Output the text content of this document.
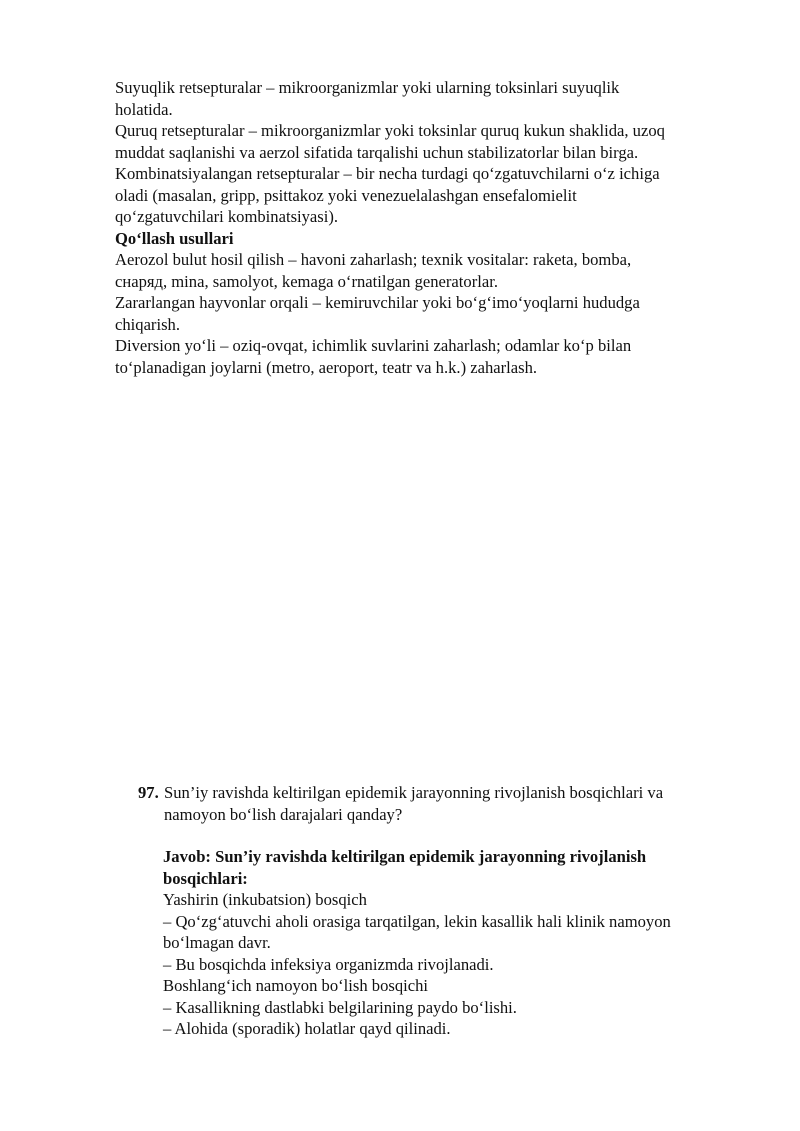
Suyuqlik retsepturalar – mikroorganizmlar yoki ularning toksinlari suyuqlik
holatida.
Quruq retsepturalar – mikroorganizmlar yoki toksinlar quruq kukun shaklida, uzoq
muddat saqlanishi va aerzol sifatida tarqalishi uchun stabilizatorlar bilan birga.
Kombinatsiyalangan retsepturalar – bir necha turdagi qoʻzgatuvchilarni oʻz ichiga
oladi (masalan, gripp, psittakoz yoki venezuelalashgan ensefalomielit
qoʻzgatuvchilari kombinatsiyasi).
Qoʻllash usullari
Aerozol bulut hosil qilish – havoni zaharlash; texnik vositalar: raketa, bomba,
снаряд, mina, samolyot, kemaga oʻrnatilgan generatorlar.
Zararlangan hayvonlar orqali – kemiruvchilar yoki boʻgʻimoʻyoqlarni hududga
chiqarish.
Diversion yoʻli – oziq-ovqat, ichimlik suvlarini zaharlash; odamlar koʻp bilan
toʻplanadigan joylarni (metro, aeroport, teatr va h.k.) zaharlash.
97. Sun’iy ravishda keltirilgan epidemik jarayonning rivojlanish bosqichlari va
namoyon boʻlish darajalari qanday?
Javob: Sun’iy ravishda keltirilgan epidemik jarayonning rivojlanish
bosqichlari:
Yashirin (inkubatsion) bosqich
– Qoʻzgʻatuvchi aholi orasiga tarqatilgan, lekin kasallik hali klinik namoyon
boʻlmagan davr.
– Bu bosqichda infeksiya organizmda rivojlanadi.
Boshlangʻich namoyon boʻlish bosqichi
– Kasallikning dastlabki belgilarining paydo boʻlishi.
– Alohida (sporadik) holatlar qayd qilinadi.
